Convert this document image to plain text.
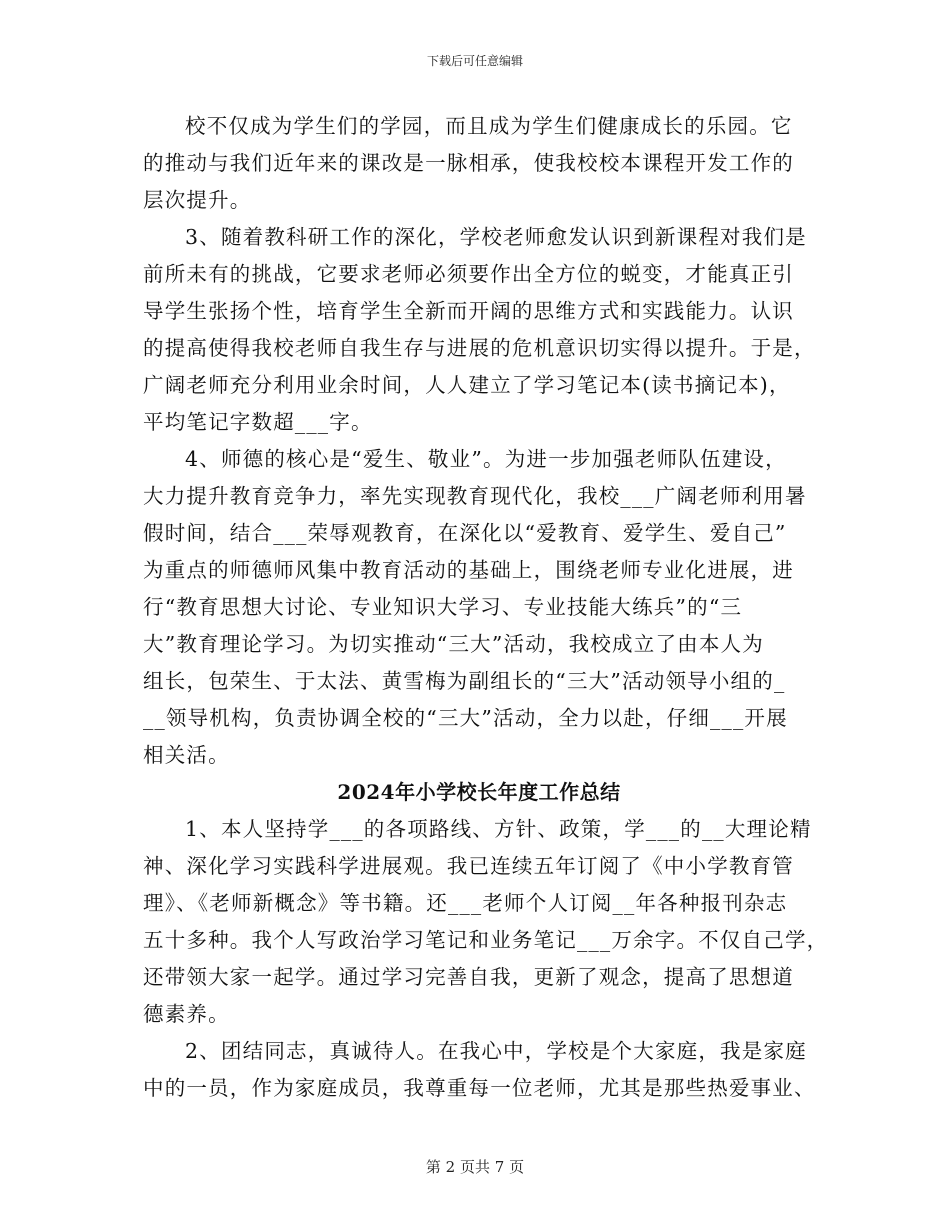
下载后可任意编辑
校不仅成为学生们的学园，而且成为学生们健康成长的乐园。它
的推动与我们近年来的课改是一脉相承，使我校校本课程开发工作的
层次提升。
3、随着教科研工作的深化，学校老师愈发认识到新课程对我们是
前所未有的挑战，它要求老师必须要作出全方位的蜕变，才能真正引
导学生张扬个性，培育学生全新而开阔的思维方式和实践能力。认识
的提高使得我校老师自我生存与进展的危机意识切实得以提升。于是，
广阔老师充分利用业余时间，人人建立了学习笔记本(读书摘记本)，
平均笔记字数超___字。
4、师德的核心是“爱生、敬业”。为进一步加强老师队伍建设，
大力提升教育竞争力，率先实现教育现代化，我校___广阔老师利用暑
假时间，结合___荣辱观教育，在深化以“爱教育、爱学生、爱自己”
为重点的师德师风集中教育活动的基础上，围绕老师专业化进展，进
行“教育思想大讨论、专业知识大学习、专业技能大练兵”的“三
大”教育理论学习。为切实推动“三大”活动，我校成立了由本人为
组长，包荣生、于太法、黄雪梅为副组长的“三大”活动领导小组的_
__领导机构，负责协调全校的“三大”活动，全力以赴，仔细___开展
相关活。
2024年小学校长年度工作总结
1、本人坚持学___的各项路线、方针、政策，学___的__大理论精
神、深化学习实践科学进展观。我已连续五年订阅了《中小学教育管
理》、《老师新概念》等书籍。还___老师个人订阅__年各种报刊杂志
五十多种。我个人写政治学习笔记和业务笔记___万余字。不仅自己学，
还带领大家一起学。通过学习完善自我，更新了观念，提高了思想道
德素养。
2、团结同志，真诚待人。在我心中，学校是个大家庭，我是家庭
中的一员，作为家庭成员，我尊重每一位老师，尤其是那些热爱事业、
第 2 页共 7 页
